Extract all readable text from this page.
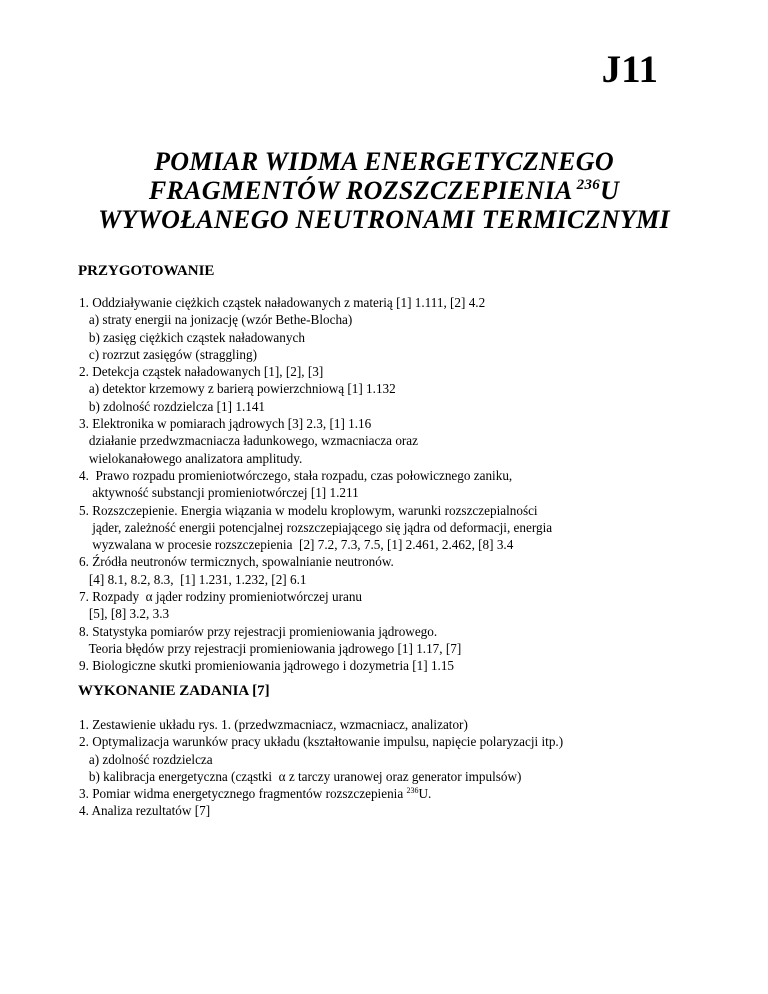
J11
POMIAR WIDMA ENERGETYCZNEGO
FRAGMENTÓW ROZSZCZEPIENIA $^{236}$U
WYWOŁANEGO NEUTRONAMI TERMICZNYMI
PRZYGOTOWANIE
1. Oddziaływanie ciężkich cząstek naładowanych z materią [1] 1.111, [2] 4.2
a) straty energii na jonizację (wzór Bethe-Blocha)
b) zasięg ciężkich cząstek naładowanych
c) rozrzut zasięgów (straggling)
2. Detekcja cząstek naładowanych [1], [2], [3]
a) detektor krzemowy z barierą powierzchniową [1] 1.132
b) zdolność rozdzielcza [1] 1.141
3. Elektronika w pomiarach jądrowych [3] 2.3, [1] 1.16
działanie przedwzmacniacza ładunkowego, wzmacniacza oraz
wielokanałowego analizatora amplitudy.
4.  Prawo rozpadu promieniotwórczego, stała rozpadu, czas połowicznego zaniku,
aktywność substancji promieniotwórczej [1] 1.211
5. Rozszczepienie. Energia wiązania w modelu kroplowym, warunki rozszczepialności
jąder, zależność energii potencjalnej rozszczepiającego się jądra od deformacji, energia
wyzwalana w procesie rozszczepienia  [2] 7.2, 7.3, 7.5, [1] 2.461, 2.462, [8] 3.4
6. Źródła neutronów termicznych, spowalnianie neutronów.
[4] 8.1, 8.2, 8.3,  [1] 1.231, 1.232, [2] 6.1
7. Rozpady  α jąder rodziny promieniotwórczej uranu
[5], [8] 3.2, 3.3
8. Statystyka pomiarów przy rejestracji promieniowania jądrowego.
Teoria błędów przy rejestracji promieniowania jądrowego [1] 1.17, [7]
9. Biologiczne skutki promieniowania jądrowego i dozymetria [1] 1.15
WYKONANIE ZADANIA [7]
1. Zestawienie układu rys. 1. (przedwzmacniacz, wzmacniacz, analizator)
2. Optymalizacja warunków pracy układu (kształtowanie impulsu, napięcie polaryzacji itp.)
a) zdolność rozdzielcza
b) kalibracja energetyczna (cząstki  α z tarczy uranowej oraz generator impulsów)
3. Pomiar widma energetycznego fragmentów rozszczepienia $^{236}$U.
4. Analiza rezultatów [7]
